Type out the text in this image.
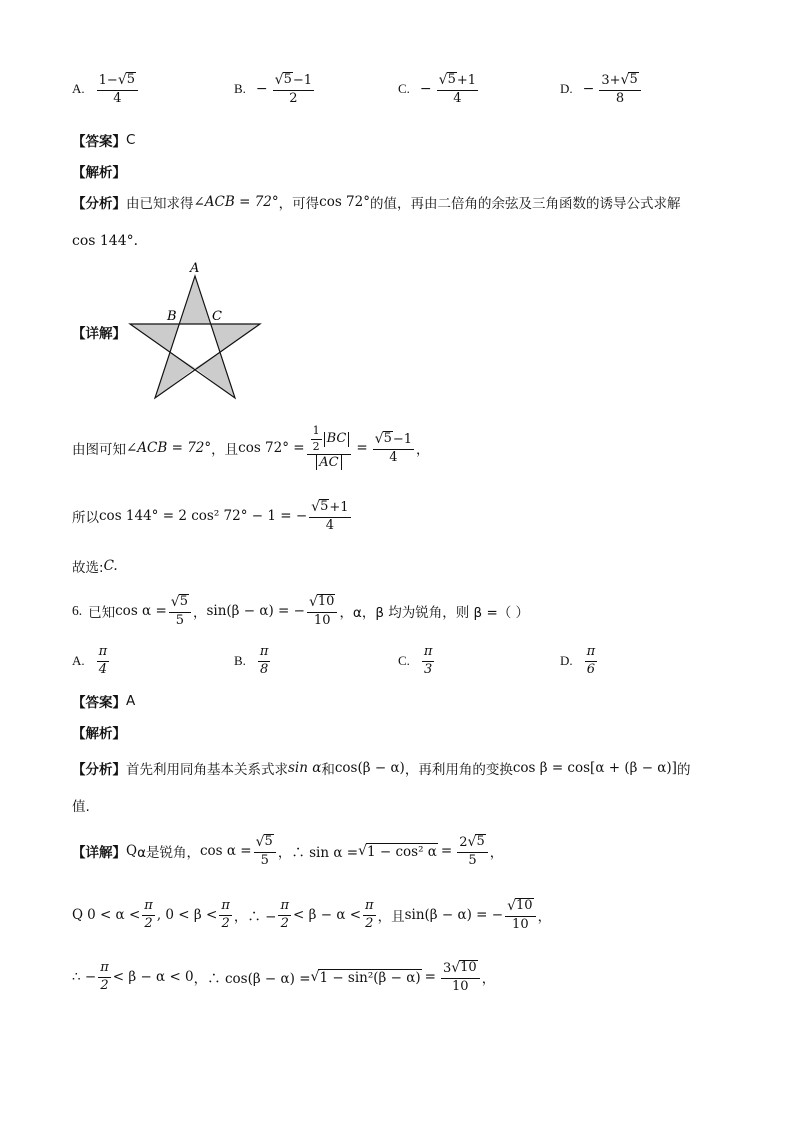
A. $\frac{1- √ 5}{4}$	B. − $\frac{√ 5 -1}{2}$	C. − $\frac{√ 5 +1}{4}$	D. − $\frac{3+ √ 5}{8}$
【答案】 C
【解析】
【分析】 由已知求得 ∠ACB = 72° ，可得 cos 72° 的值，再由二倍角的余弦及三角函数的诱导公式求解
cos 144°．
【详解】
A
B	C
由图可知 ∠ACB = 72° ，且 $\cos 72^\circ = \frac{\frac{1}{2} BC}{AC} = \frac{√ 5 -1}{4}$ ，
所以 cos 144° = 2 cos² 72° − 1 = − $\frac{√ 5 +1}{4}$
故选: C.
6. 已知 $\cos \alpha = \frac{√ 5}{5}$ ， sin(β − α) = − $\frac{√ 10}{10}$ ，α，β 均为锐角，则 β =（ ）
A. $\frac{\pi}{4}$	B. $\frac{\pi}{8}$	C. $\frac{\pi}{3}$	D. $\frac{\pi}{6}$
【答案】 A
【解析】
【分析】 首先利用同角基本关系式求 sin α 和 cos(β − α) ，再利用角的变换 cos β = cos[α + (β − α)] 的
值.
【详解】 Q α是锐角， $\cos \alpha = \frac{√ 5}{5}$ ，∴ sin α = √ 1 − cos² $\alpha = \frac{2 √ 5}{5}$ ，
Q $0 < \alpha < \frac{\pi}{2}$ , $0 < \beta < \frac{\pi}{2}$ ，∴ − $\frac{\pi}{2} < \beta - \alpha < \frac{\pi}{2}$ ，且 sin(β − α) = − $\frac{√ 10}{10}$ ，
∴ − $\frac{\pi}{2} < \beta - \alpha < 0$ ，∴ cos(β − α) = √ $1 - \sin^2(\beta - \alpha) = \frac{3 √ 10}{10}$ ，
